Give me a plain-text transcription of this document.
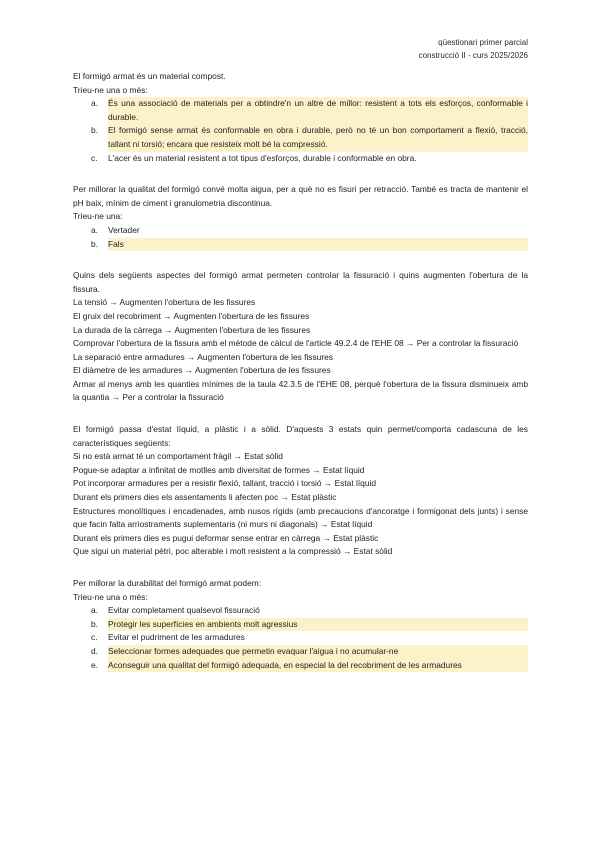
qüestionari primer parcial
construcció II - curs 2025/2026
El formigó armat és un material compost.
Trieu-ne una o més:
a.	És una associació de materials per a obtindre'n un altre de millor: resistent a tots els esforços, conformable i durable.
b.	El formigó sense armat és conformable en obra i durable, però no té un bon comportament a flexió, tracció, tallant ni torsió; encara que resisteix molt bé la compressió.
c.	L'acer és un material resistent a tot tipus d'esforços, durable i conformable en obra.
Per millorar la qualitat del formigó convé molta aigua, per a què no es fisuri per retracció. També es tracta de mantenir el pH baix, mínim de ciment i granulometria discontinua.
Trieu-ne una:
a.	Vertader
b.	Fals
Quins dels següents aspectes del formigó armat permeten controlar la fissuració i quins augmenten l'obertura de la fissura.
La tensió → Augmenten l'obertura de les fissures
El gruix del recobriment → Augmenten l'obertura de les fissures
La durada de la càrrega → Augmenten l'obertura de les fissures
Comprovar l'obertura de la fissura amb el mètode de càlcul de l'article 49.2.4 de l'EHE 08 → Per a controlar la fissuració
La separació entre armadures → Augmenten l'obertura de les fissures
El diàmetre de les armadures → Augmenten l'obertura de les fissures
Armar al menys amb les quanties mínimes de la taula 42.3.5 de l'EHE 08, perquè l'obertura de la fissura disminueix amb la quantia → Per a controlar la fissuració
El formigó passa d'estat líquid, a plàstic i a sòlid. D'aquests 3 estats quin permet/comporta cadascuna de les característiques següents:
Si no està armat té un comportament fràgil → Estat sòlid
Pogue-se adaptar a infinitat de motlles amb diversitat de formes → Estat líquid
Pot incorporar armadures per a resistir flexió, tallant, tracció i torsió → Estat líquid
Durant els primers dies els assentaments li afecten poc → Estat plàstic
Estructures monolítiques i encadenades, amb nusos rígids (amb precaucions d'ancoratge i formigonat dels junts) i sense que facin falta arriostraments suplementaris (ni murs ni diagonals) → Estat líquid
Durant els primers dies es pugui deformar sense entrar en càrrega → Estat plàstic
Que sigui un material pètri, poc alterable i molt resistent a la compressió → Estat sòlid
Per millorar la durabilitat del formigó armat podem:
Trieu-ne una o més:
a.	Evitar completament qualsevol fissuració
b.	Protegir les superfícies en ambients molt agressius
c.	Evitar el pudriment de les armadures
d.	Seleccionar formes adequades que permetin evaquar l'aigua i no acumular-ne
e.	Aconseguir una qualitat del formigó adequada, en especial la del recobriment de les armadures
